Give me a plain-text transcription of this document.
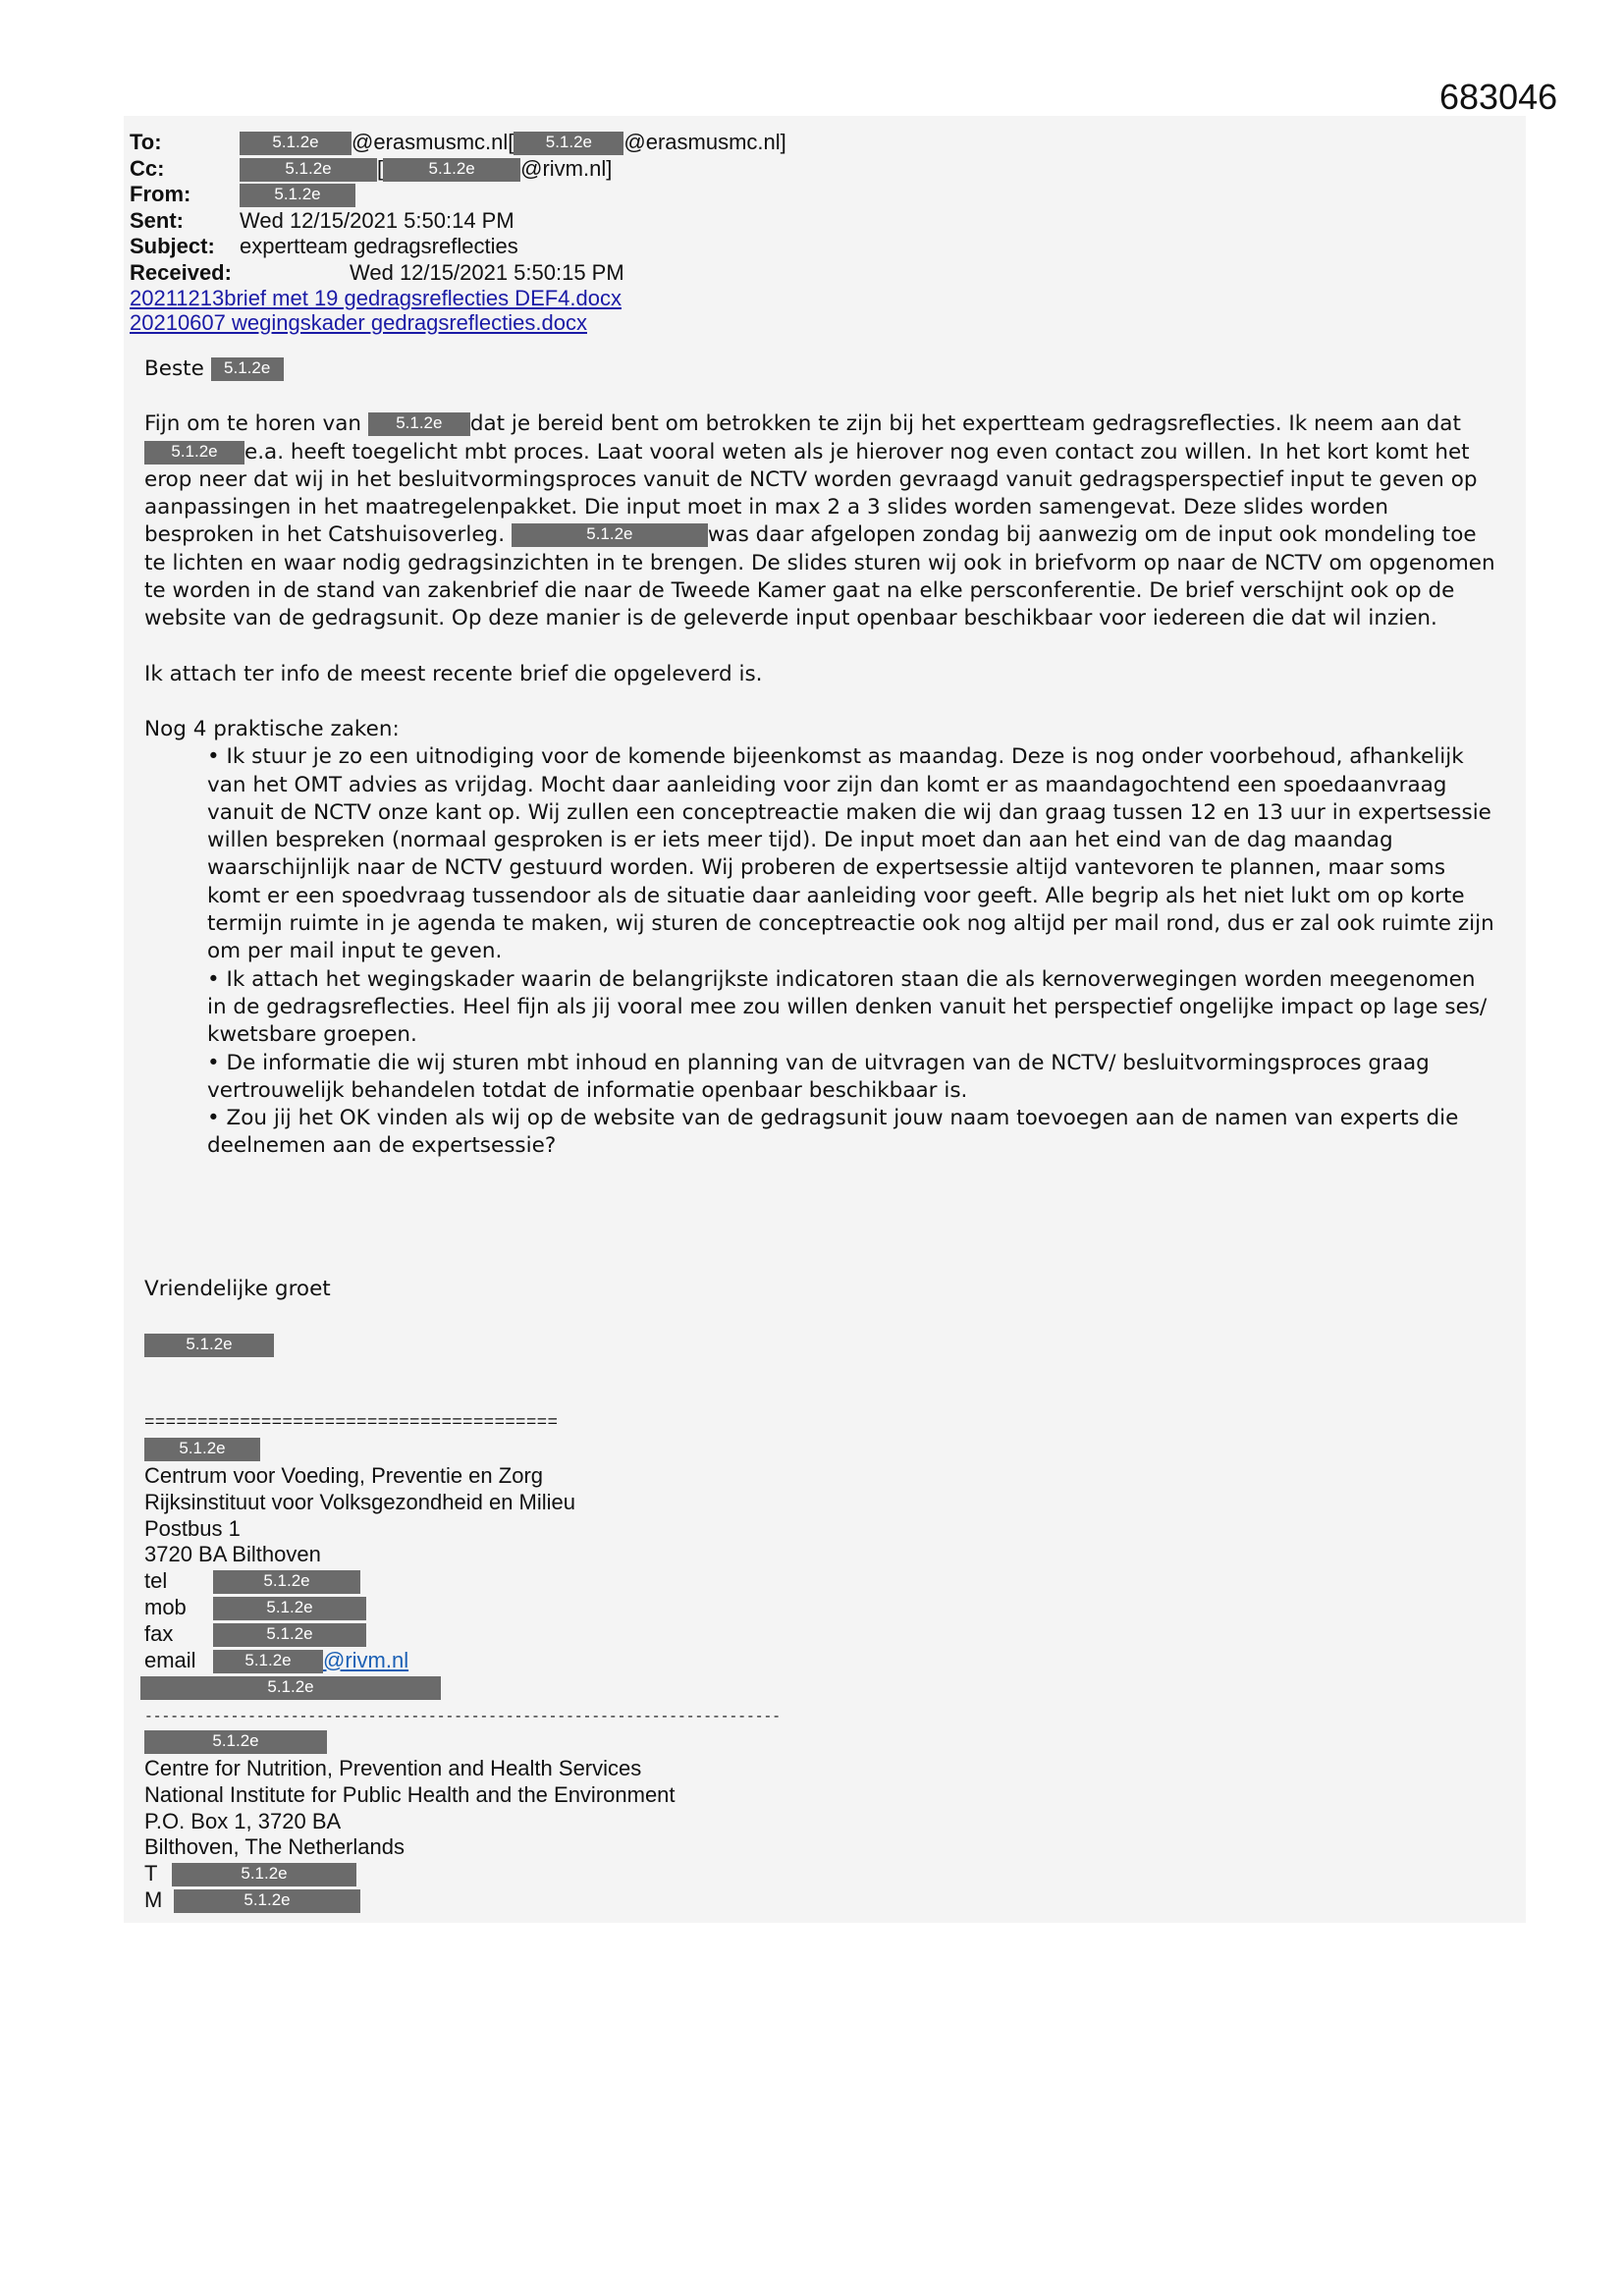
683046
To:	5.1.2e @erasmusmc.nl[ 5.1.2e @erasmusmc.nl]
Cc:	5.1.2e [	5.1.2e @rivm.nl]
From:	5.1.2e
Sent:	Wed 12/15/2021 5:50:14 PM
Subject: expertteam gedragsreflecties
Received:	Wed 12/15/2021 5:50:15 PM
20211213brief met 19 gedragsreflecties DEF4.docx
20210607 wegingskader gedragsreflecties.docx

Beste 5.1.2e

Fijn om te horen van 5.1.2e dat je bereid bent om betrokken te zijn bij het expertteam gedragsreflecties. Ik neem aan dat 5.1.2e e.a. heeft toegelicht mbt proces. Laat vooral weten als je hierover nog even contact zou willen. In het kort komt het erop neer dat wij in het besluitvormingsproces vanuit de NCTV worden gevraagd vanuit gedragsperspectief input te geven op aanpassingen in het maatregelenpakket. Die input moet in max 2 a 3 slides worden samengevat. Deze slides worden besproken in het Catshuisoverleg.	5.1.2e	was daar afgelopen zondag bij aanwezig om de input ook mondeling toe te lichten en waar nodig gedragsinzichten in te brengen. De slides sturen wij ook in briefvorm op naar de NCTV om opgenomen te worden in de stand van zakenbrief die naar de Tweede Kamer gaat na elke persconferentie. De brief verschijnt ook op de website van de gedragsunit. Op deze manier is de geleverde input openbaar beschikbaar voor iedereen die dat wil inzien.

Ik attach ter info de meest recente brief die opgeleverd is.

Nog 4 praktische zaken:
• Ik stuur je zo een uitnodiging voor de komende bijeenkomst as maandag. Deze is nog onder voorbehoud, afhankelijk van het OMT advies as vrijdag. Mocht daar aanleiding voor zijn dan komt er as maandagochtend een spoedaanvraag vanuit de NCTV onze kant op. Wij zullen een conceptreactie maken die wij dan graag tussen 12 en 13 uur in expertsessie willen bespreken (normaal gesproken is er iets meer tijd). De input moet dan aan het eind van de dag maandag waarschijnlijk naar de NCTV gestuurd worden. Wij proberen de expertsessie altijd vantevoren te plannen, maar soms komt er een spoedvraag tussendoor als de situatie daar aanleiding voor geeft. Alle begrip als het niet lukt om op korte termijn ruimte in je agenda te maken, wij sturen de conceptreactie ook nog altijd per mail rond, dus er zal ook ruimte zijn om per mail input te geven.
• Ik attach het wegingskader waarin de belangrijkste indicatoren staan die als kernoverwegingen worden meegenomen in de gedragsreflecties. Heel fijn als jij vooral mee zou willen denken vanuit het perspectief ongelijke impact op lage ses/ kwetsbare groepen.
• De informatie die wij sturen mbt inhoud en planning van de uitvragen van de NCTV/ besluitvormingsproces graag vertrouwelijk behandelen totdat de informatie openbaar beschikbaar is.
• Zou jij het OK vinden als wij op de website van de gedragsunit jouw naam toevoegen aan de namen van experts die deelnemen aan de expertsessie?
Vriendelijke groet
5.1.2e
=======================================
5.1.2e
Centrum voor Voeding, Preventie en Zorg
Rijksinstituut voor Volksgezondheid en Milieu
Postbus 1
3720 BA Bilthoven
tel	5.1.2e
mob	5.1.2e
fax	5.1.2e
email	5.1.2e @rivm.nl
5.1.2e
--------------------------------------------------------------------------
5.1.2e
Centre for Nutrition, Prevention and Health Services
National Institute for Public Health and the Environment
P.O. Box 1, 3720 BA
Bilthoven, The Netherlands
T	5.1.2e
M	5.1.2e
